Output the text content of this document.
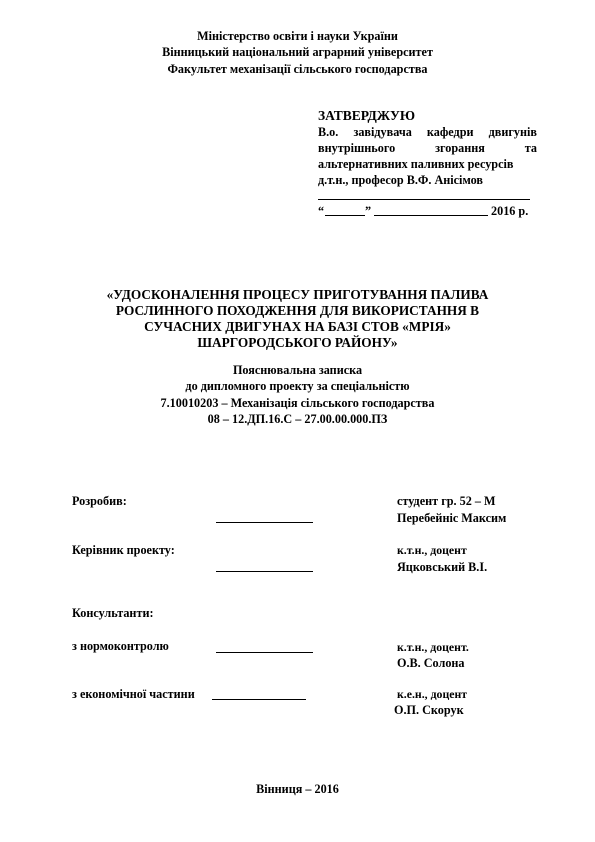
Міністерство освіти і науки України
Вінницький національний аграрний університет
Факультет механізації сільського господарства
ЗАТВЕРДЖУЮ
В.о. завідувача кафедри двигунів
внутрішнього	згорання	та
альтернативних паливних ресурсів
д.т.н., професор В.Ф. Анісімов
“	”	2016 р.
«УДОСКОНАЛЕННЯ ПРОЦЕСУ ПРИГОТУВАННЯ ПАЛИВА
РОСЛИННОГО ПОХОДЖЕННЯ ДЛЯ ВИКОРИСТАННЯ В
СУЧАСНИХ ДВИГУНАХ НА БАЗІ СТОВ «МРІЯ»
ШАРГОРОДСЬКОГО РАЙОНУ»
Пояснювальна записка
до дипломного проекту за спеціальністю
7.10010203 – Механізація сільського господарства
08 – 12.ДП.16.С – 27.00.00.000.ПЗ
Розробив:	студент гр. 52 – М
Перебейніс Максим
Керівник проекту:	к.т.н., доцент
Яцковський В.І.
Консультанти:
з нормоконтролю	к.т.н., доцент.
О.В. Солона
з економічної частини	к.е.н., доцент
О.П. Скорук
Вінниця – 2016
